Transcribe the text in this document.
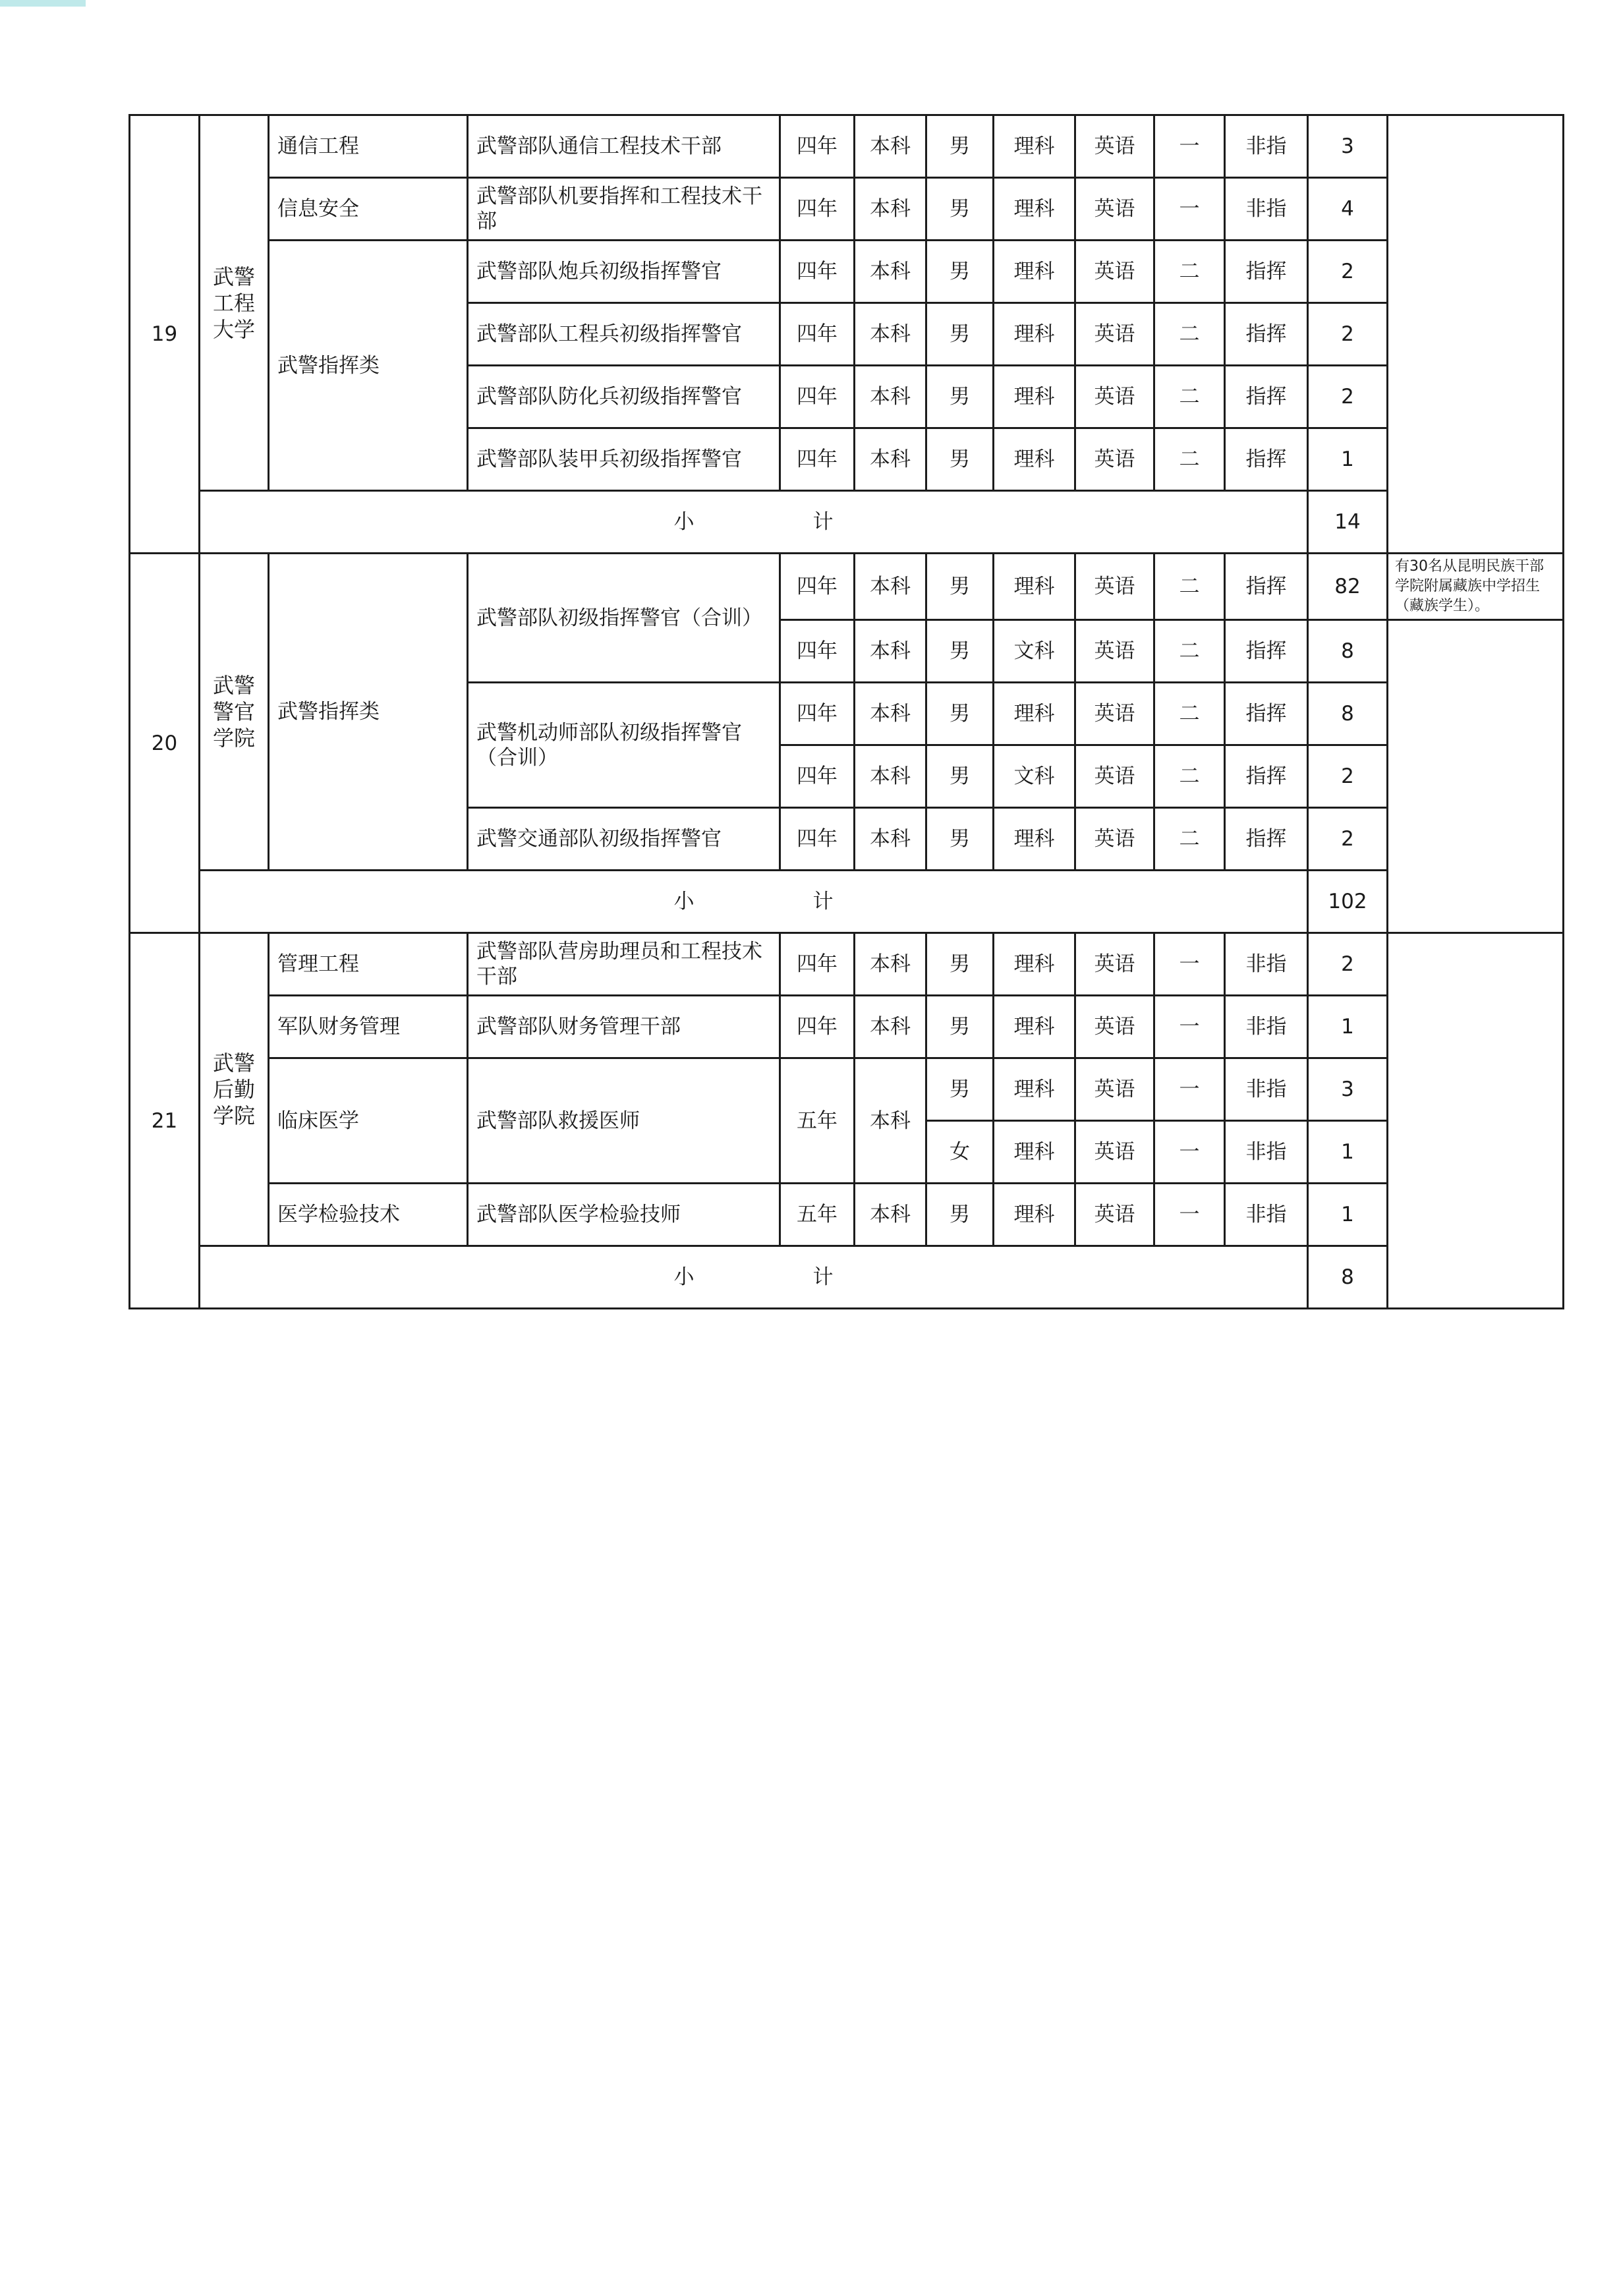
19	武警工程大学	通信工程	武警部队通信工程技术干部	四年	本科	男	理科	英语	一	非指	3	
		信息安全	武警部队机要指挥和工程技术干部	四年	本科	男	理科	英语	一	非指	4	
		武警指挥类	武警部队炮兵初级指挥警官	四年	本科	男	理科	英语	二	指挥	2	
			武警部队工程兵初级指挥警官	四年	本科	男	理科	英语	二	指挥	2	
			武警部队防化兵初级指挥警官	四年	本科	男	理科	英语	二	指挥	2	
			武警部队装甲兵初级指挥警官	四年	本科	男	理科	英语	二	指挥	1	
	小 计										14	
20	武警警官学院	武警指挥类	武警部队初级指挥警官（合训）	四年	本科	男	理科	英语	二	指挥	82	有30名从昆明民族干部学院附属藏族中学招生（藏族学生）。
				四年	本科	男	文科	英语	二	指挥	8	
			武警机动师部队初级指挥警官（合训）	四年	本科	男	理科	英语	二	指挥	8	
				四年	本科	男	文科	英语	二	指挥	2	
			武警交通部队初级指挥警官	四年	本科	男	理科	英语	二	指挥	2	
	小 计										102	
21	武警后勤学院	管理工程	武警部队营房助理员和工程技术干部	四年	本科	男	理科	英语	一	非指	2	
		军队财务管理	武警部队财务管理干部	四年	本科	男	理科	英语	一	非指	1	
		临床医学	武警部队救援医师	五年	本科	男	理科	英语	一	非指	3	
						女	理科	英语	一	非指	1	
		医学检验技术	武警部队医学检验技师	五年	本科	男	理科	英语	一	非指	1	
	小 计										8	
